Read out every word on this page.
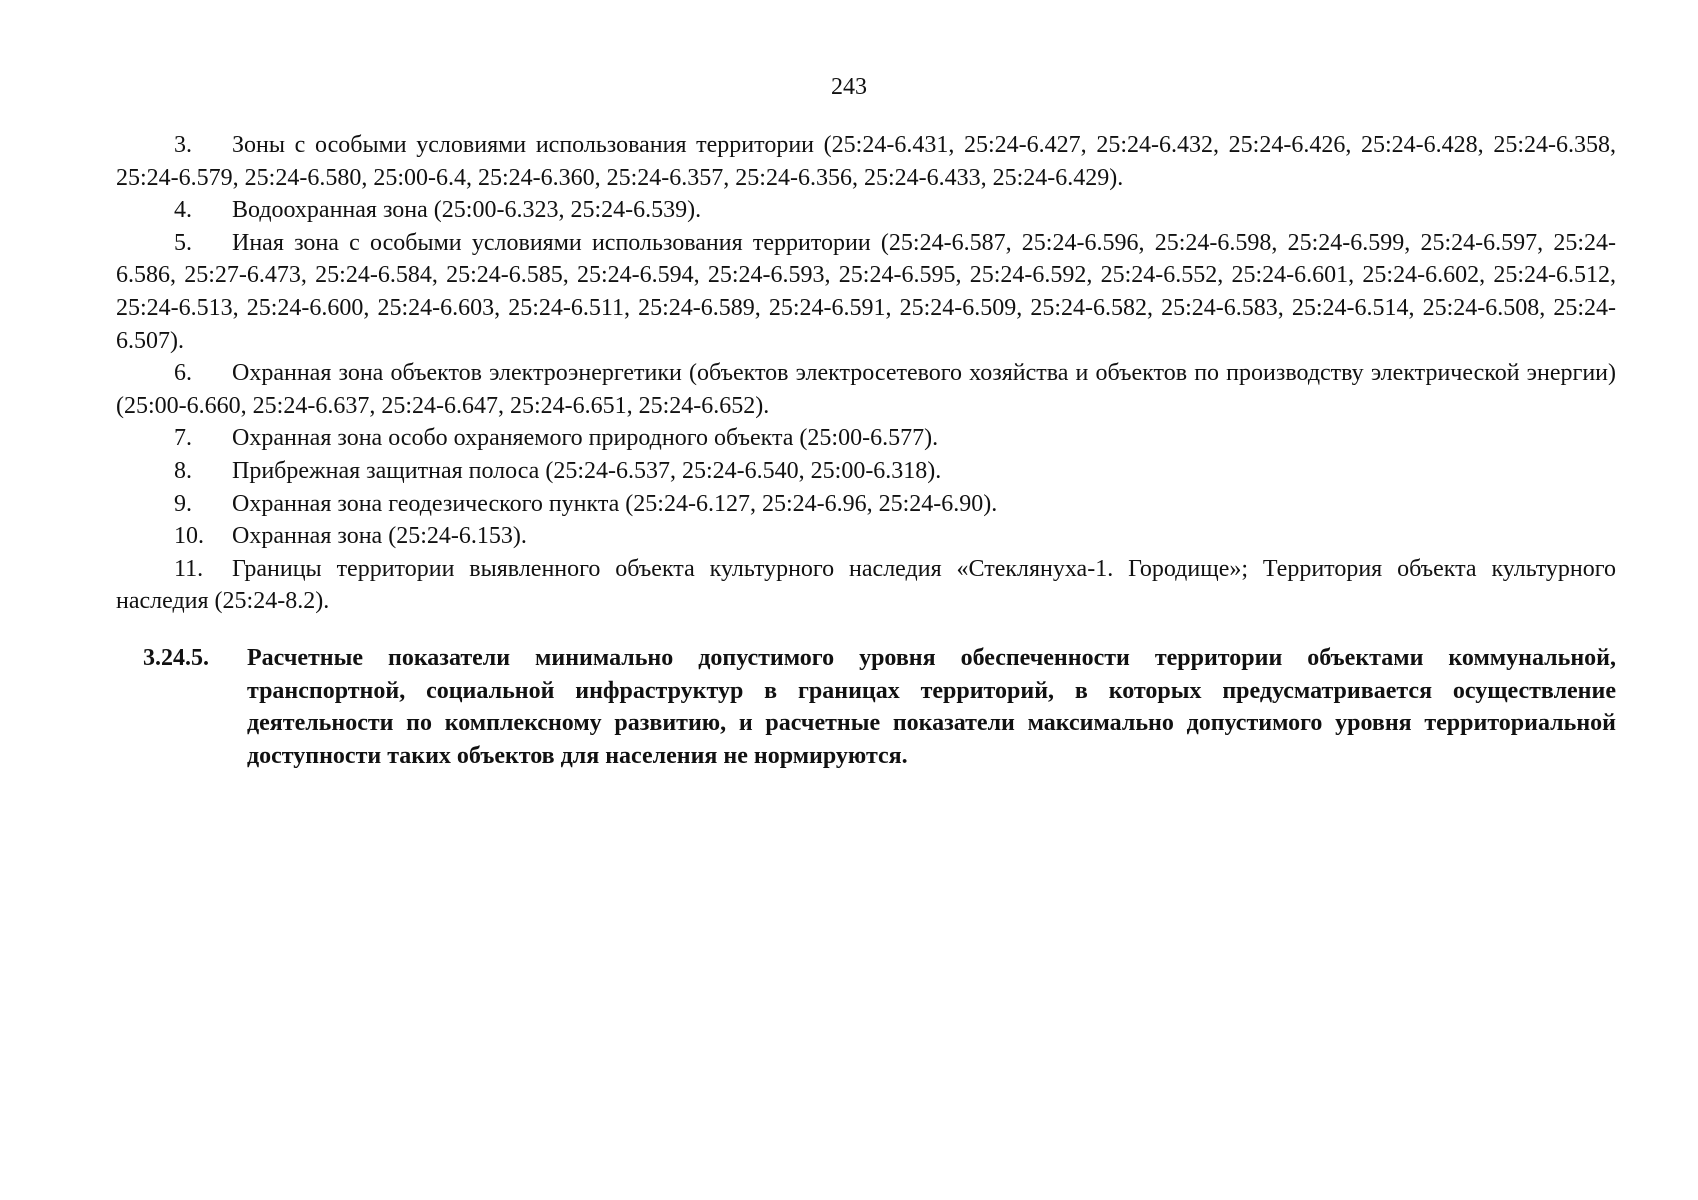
243

3. Зоны с особыми условиями использования территории (25:24-6.431, 25:24-6.427, 25:24-6.432, 25:24-6.426, 25:24-6.428, 25:24-6.358, 25:24-6.579, 25:24-6.580, 25:00-6.4, 25:24-6.360, 25:24-6.357, 25:24-6.356, 25:24-6.433, 25:24-6.429).

4. Водоохранная зона (25:00-6.323, 25:24-6.539).

5. Иная зона с особыми условиями использования территории (25:24-6.587, 25:24-6.596, 25:24-6.598, 25:24-6.599, 25:24-6.597, 25:24-6.586, 25:27-6.473, 25:24-6.584, 25:24-6.585, 25:24-6.594, 25:24-6.593, 25:24-6.595, 25:24-6.592, 25:24-6.552, 25:24-6.601, 25:24-6.602, 25:24-6.512, 25:24-6.513, 25:24-6.600, 25:24-6.603, 25:24-6.511, 25:24-6.589, 25:24-6.591, 25:24-6.509, 25:24-6.582, 25:24-6.583, 25:24-6.514, 25:24-6.508, 25:24-6.507).

6. Охранная зона объектов электроэнергетики (объектов электросетевого хозяйства и объектов по производству электрической энергии) (25:00-6.660, 25:24-6.637, 25:24-6.647, 25:24-6.651, 25:24-6.652).

7. Охранная зона особо охраняемого природного объекта (25:00-6.577).

8. Прибрежная защитная полоса (25:24-6.537, 25:24-6.540, 25:00-6.318).

9. Охранная зона геодезического пункта (25:24-6.127, 25:24-6.96, 25:24-6.90).

10. Охранная зона (25:24-6.153).

11. Границы территории выявленного объекта культурного наследия «Стеклянуха-1. Городище»; Территория объекта культурного наследия (25:24-8.2).

3.24.5.	Расчетные показатели минимально допустимого уровня обеспеченности территории объектами коммунальной, транспортной, социальной инфраструктур в границах территорий, в которых предусматривается осуществление деятельности по комплексному развитию, и расчетные показатели максимально допустимого уровня территориальной доступности таких объектов для населения не нормируются.
